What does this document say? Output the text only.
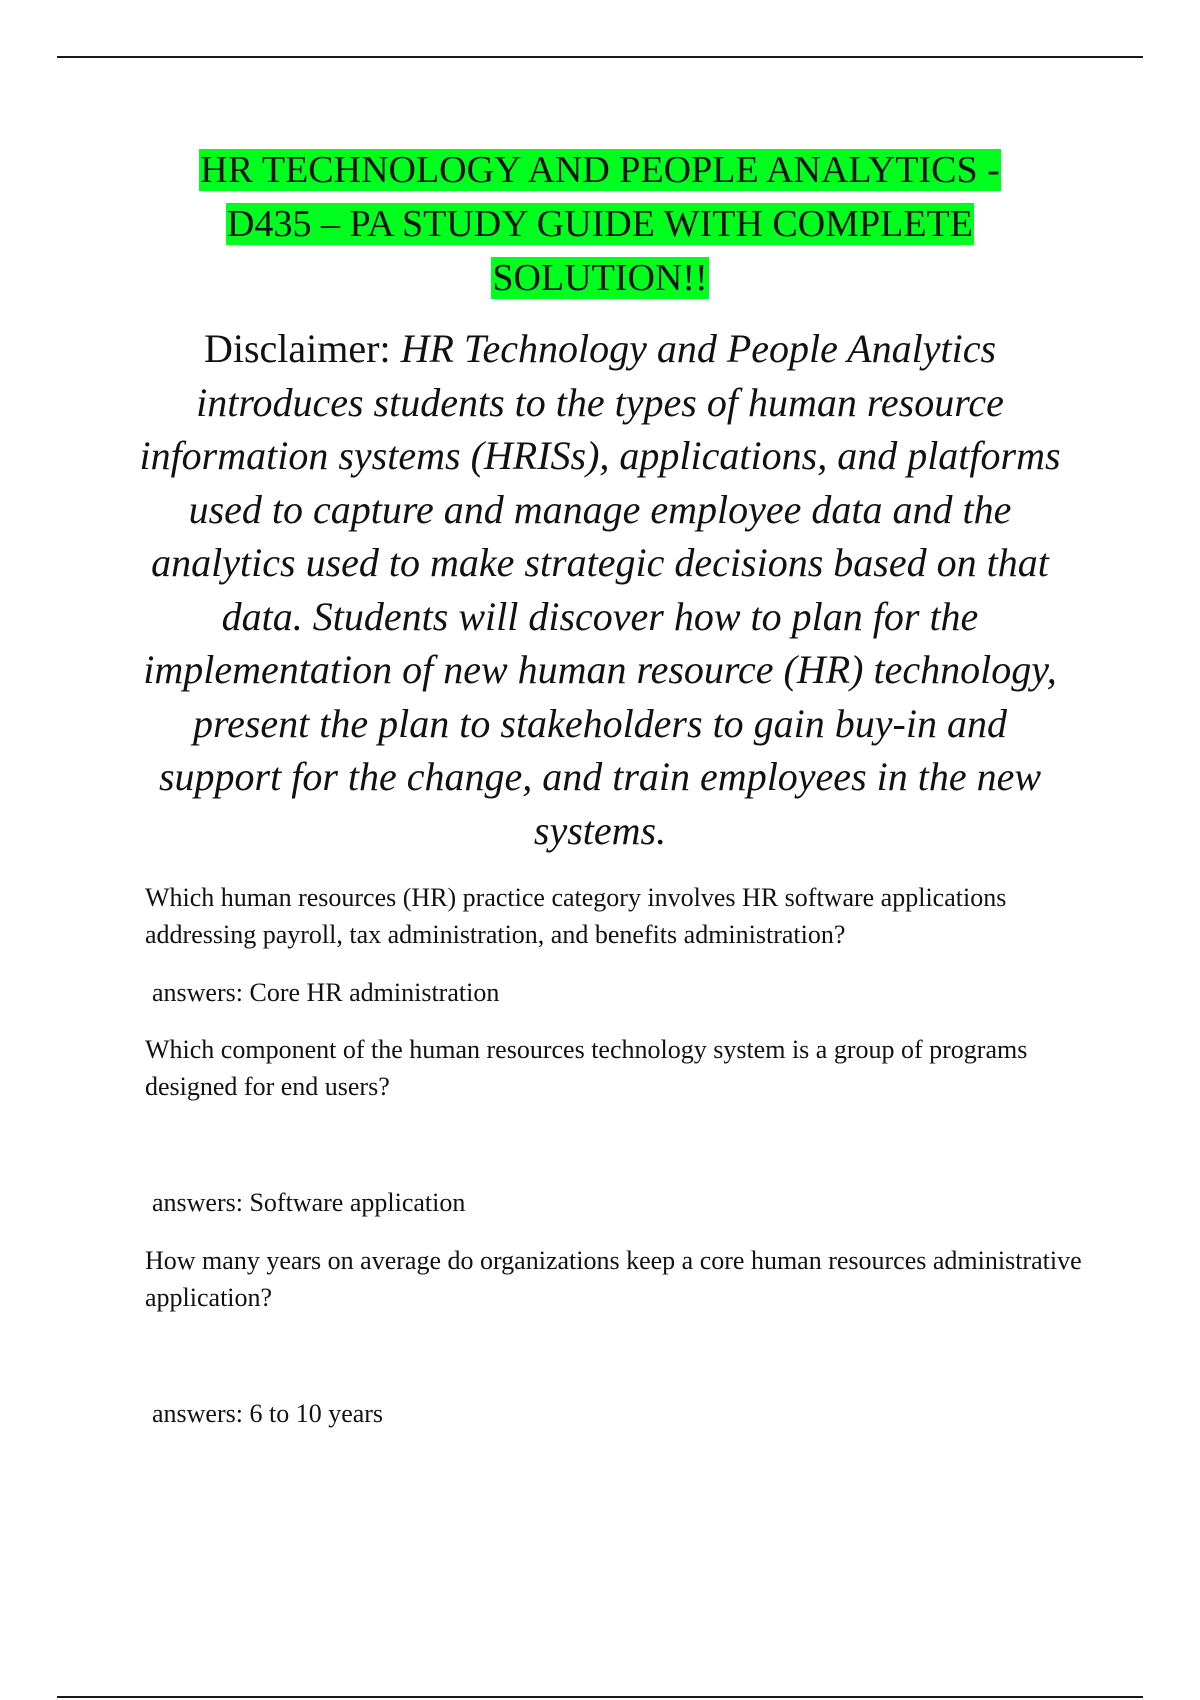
HR TECHNOLOGY AND PEOPLE ANALYTICS -
D435 – PA STUDY GUIDE WITH COMPLETE
SOLUTION!!

Disclaimer: HR Technology and People Analytics introduces students to the types of human resource information systems (HRISs), applications, and platforms used to capture and manage employee data and the analytics used to make strategic decisions based on that data. Students will discover how to plan for the implementation of new human resource (HR) technology, present the plan to stakeholders to gain buy-in and support for the change, and train employees in the new systems.

Which human resources (HR) practice category involves HR software applications addressing payroll, tax administration, and benefits administration?

answers: Core HR administration

Which component of the human resources technology system is a group of programs designed for end users?

answers: Software application

How many years on average do organizations keep a core human resources administrative application?

answers: 6 to 10 years
